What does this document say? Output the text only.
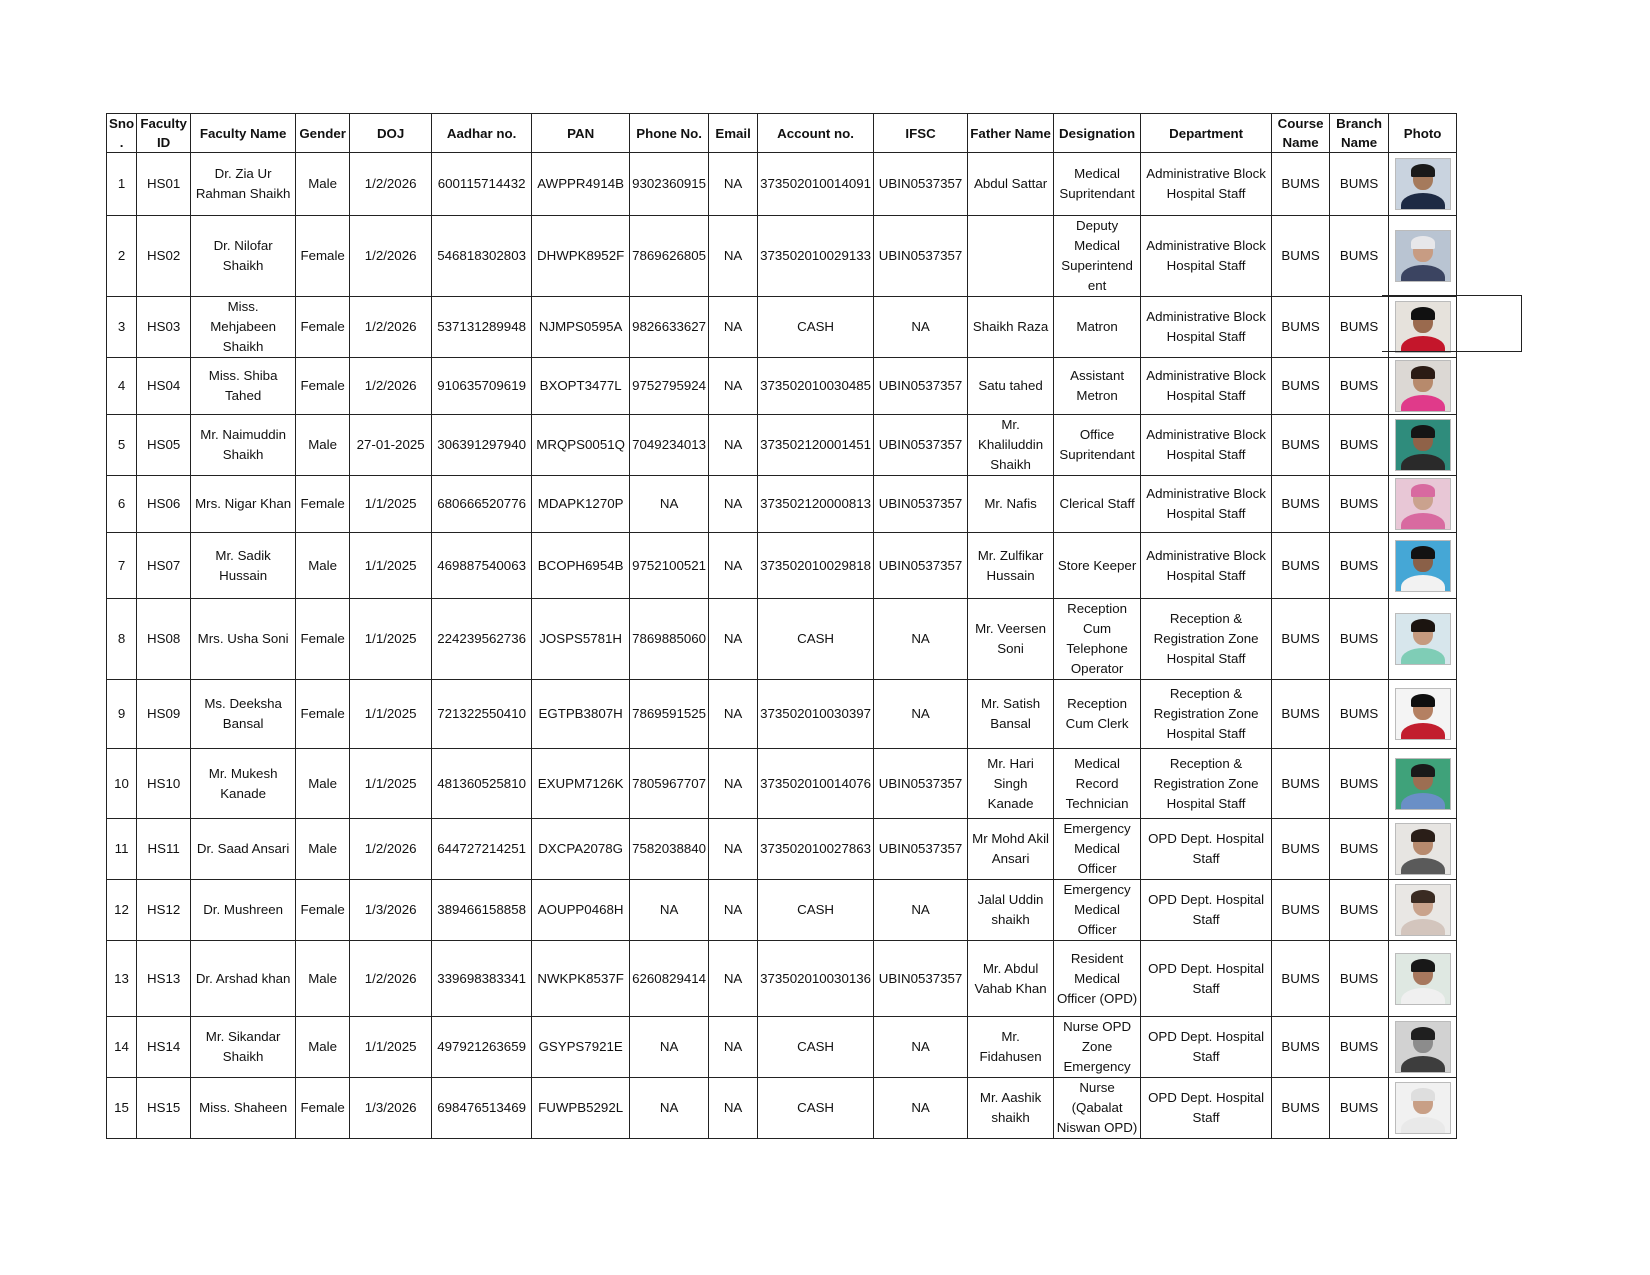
Sno .	Faculty ID	Faculty Name	Gender	DOJ	Aadhar no.	PAN	Phone No.	Email	Account no.	IFSC	Father Name	Designation	Department	Course Name	Branch Name	Photo
1	HS01	Dr. Zia Ur Rahman Shaikh	Male	1/2/2026	600115714432	AWPPR4914B	9302360915	NA	373502010014091	UBIN0537357	Abdul Sattar	Medical Supritendant	Administrative Block Hospital Staff	BUMS	BUMS	

2	HS02	Dr. Nilofar Shaikh	Female	1/2/2026	546818302803	DHWPK8952F	7869626805	NA	373502010029133	UBIN0537357		Deputy Medical Superintend ent	Administrative Block Hospital Staff	BUMS	BUMS	

3	HS03	Miss. Mehjabeen Shaikh	Female	1/2/2026	537131289948	NJMPS0595A	9826633627	NA	CASH	NA	Shaikh Raza	Matron	Administrative Block Hospital Staff	BUMS	BUMS	

4	HS04	Miss. Shiba Tahed	Female	1/2/2026	910635709619	BXOPT3477L	9752795924	NA	373502010030485	UBIN0537357	Satu tahed	Assistant Metron	Administrative Block Hospital Staff	BUMS	BUMS	

5	HS05	Mr. Naimuddin Shaikh	Male	27-01-2025	306391297940	MRQPS0051Q	7049234013	NA	373502120001451	UBIN0537357	Mr. Khaliluddin Shaikh	Office Supritendant	Administrative Block Hospital Staff	BUMS	BUMS	

6	HS06	Mrs. Nigar Khan	Female	1/1/2025	680666520776	MDAPK1270P	NA	NA	373502120000813	UBIN0537357	Mr. Nafis	Clerical Staff	Administrative Block Hospital Staff	BUMS	BUMS	

7	HS07	Mr. Sadik Hussain	Male	1/1/2025	469887540063	BCOPH6954B	9752100521	NA	373502010029818	UBIN0537357	Mr. Zulfikar Hussain	Store Keeper	Administrative Block Hospital Staff	BUMS	BUMS	

8	HS08	Mrs. Usha Soni	Female	1/1/2025	224239562736	JOSPS5781H	7869885060	NA	CASH	NA	Mr. Veersen Soni	Reception Cum Telephone Operator	Reception & Registration Zone Hospital Staff	BUMS	BUMS	

9	HS09	Ms. Deeksha Bansal	Female	1/1/2025	721322550410	EGTPB3807H	7869591525	NA	373502010030397	NA	Mr. Satish Bansal	Reception Cum Clerk	Reception & Registration Zone Hospital Staff	BUMS	BUMS	

10	HS10	Mr. Mukesh Kanade	Male	1/1/2025	481360525810	EXUPM7126K	7805967707	NA	373502010014076	UBIN0537357	Mr. Hari Singh Kanade	Medical Record Technician	Reception & Registration Zone Hospital Staff	BUMS	BUMS	

11	HS11	Dr. Saad Ansari	Male	1/2/2026	644727214251	DXCPA2078G	7582038840	NA	373502010027863	UBIN0537357	Mr Mohd Akil Ansari	Emergency Medical Officer	OPD Dept. Hospital Staff	BUMS	BUMS	

12	HS12	Dr. Mushreen	Female	1/3/2026	389466158858	AOUPP0468H	NA	NA	CASH	NA	Jalal Uddin shaikh	Emergency Medical Officer	OPD Dept. Hospital Staff	BUMS	BUMS	

13	HS13	Dr. Arshad khan	Male	1/2/2026	339698383341	NWKPK8537F	6260829414	NA	373502010030136	UBIN0537357	Mr. Abdul Vahab Khan	Resident Medical Officer (OPD)	OPD Dept. Hospital Staff	BUMS	BUMS	

14	HS14	Mr. Sikandar Shaikh	Male	1/1/2025	497921263659	GSYPS7921E	NA	NA	CASH	NA	Mr. Fidahusen	Nurse OPD Zone Emergency	OPD Dept. Hospital Staff	BUMS	BUMS	

15	HS15	Miss. Shaheen	Female	1/3/2026	698476513469	FUWPB5292L	NA	NA	CASH	NA	Mr. Aashik shaikh	Nurse (Qabalat Niswan OPD)	OPD Dept. Hospital Staff	BUMS	BUMS	
